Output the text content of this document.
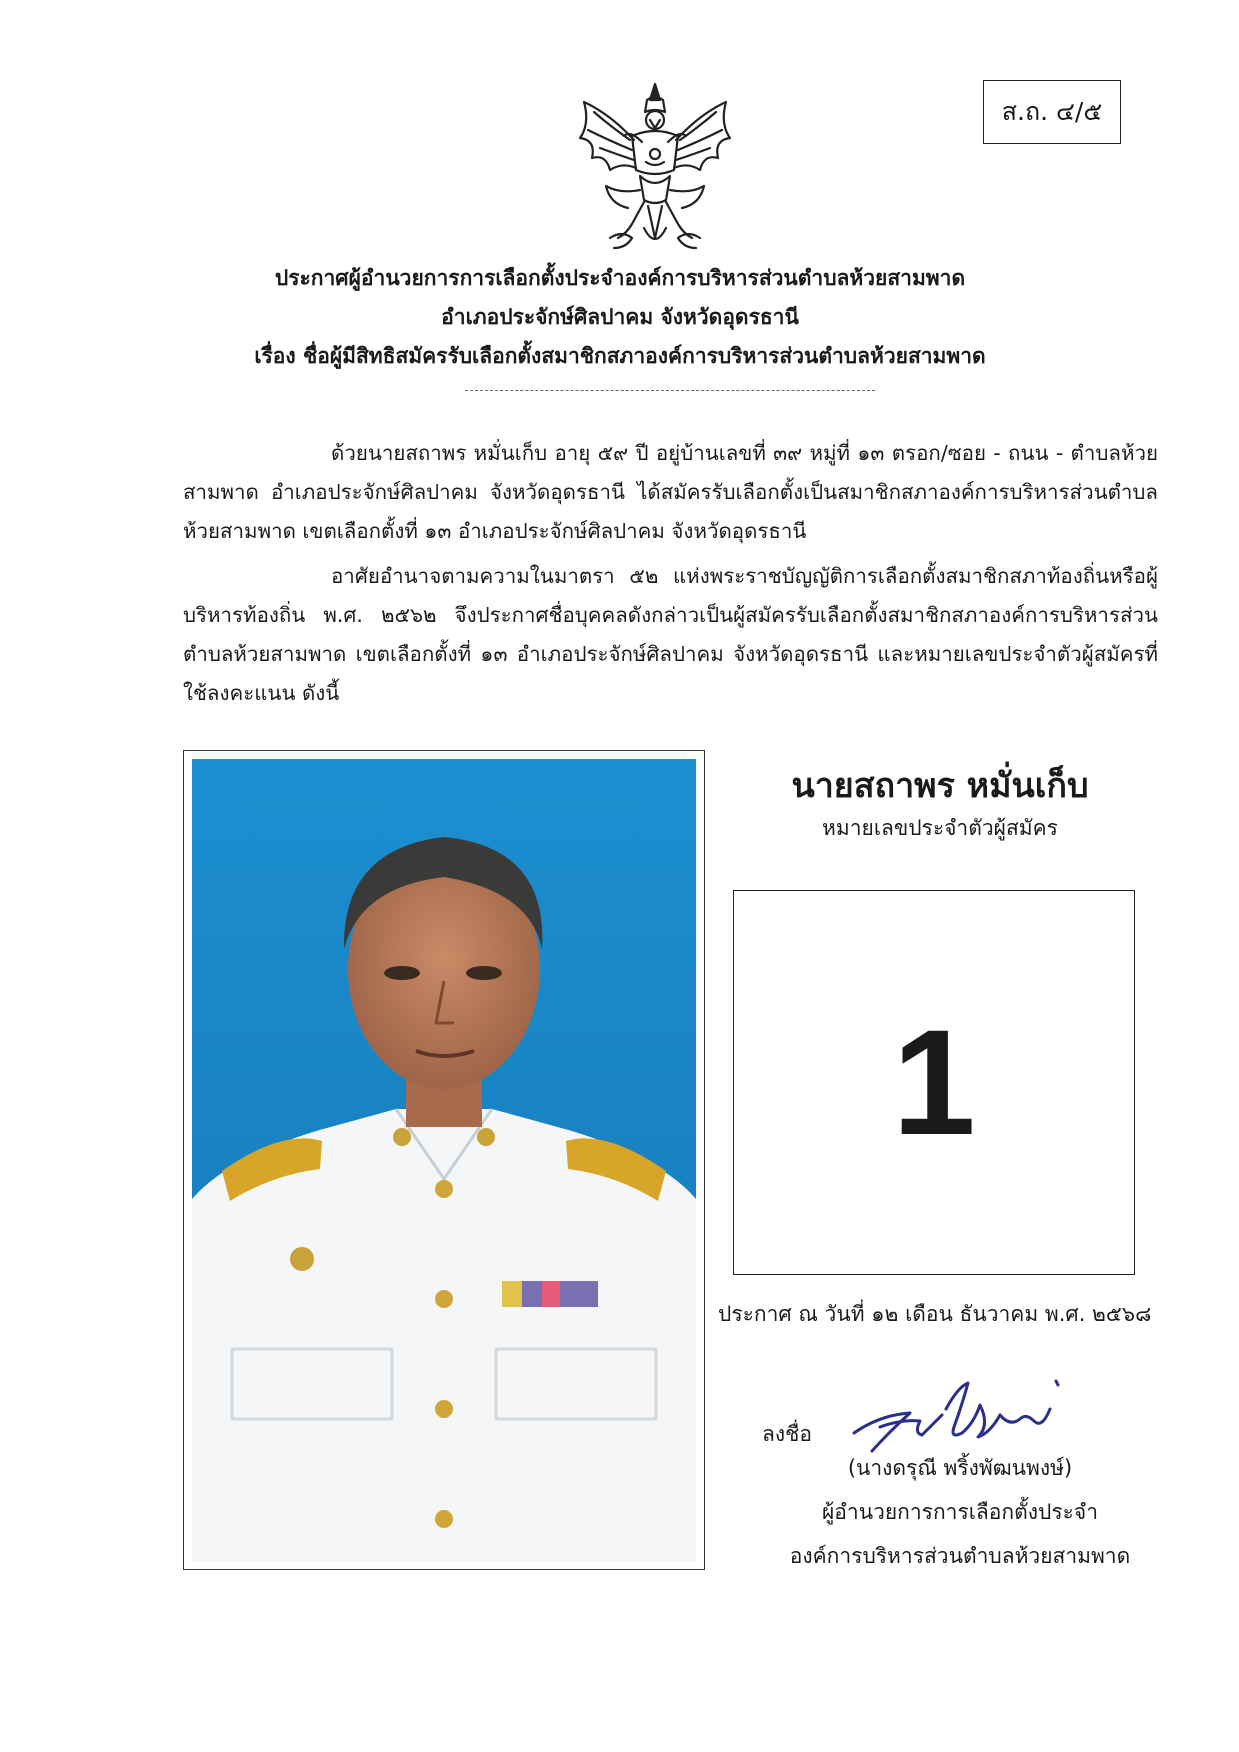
ส.ถ. ๔/๕
ประกาศผู้อำนวยการการเลือกตั้งประจำองค์การบริหารส่วนตำบลห้วยสามพาด
อำเภอประจักษ์ศิลปาคม จังหวัดอุดรธานี
เรื่อง ชื่อผู้มีสิทธิสมัครรับเลือกตั้งสมาชิกสภาองค์การบริหารส่วนตำบลห้วยสามพาด

ด้วยนายสถาพร หมั่นเก็บ อายุ ๕๙ ปี อยู่บ้านเลขที่ ๓๙ หมู่ที่ ๑๓ ตรอก/ซอย - ถนน - ตำบลห้วยสามพาด อำเภอประจักษ์ศิลปาคม จังหวัดอุดรธานี ได้สมัครรับเลือกตั้งเป็นสมาชิกสภาองค์การบริหารส่วนตำบลห้วยสามพาด เขตเลือกตั้งที่ ๑๓ อำเภอประจักษ์ศิลปาคม จังหวัดอุดรธานี

อาศัยอำนาจตามความในมาตรา ๕๒ แห่งพระราชบัญญัติการเลือกตั้งสมาชิกสภาท้องถิ่นหรือผู้บริหารท้องถิ่น พ.ศ. ๒๕๖๒ จึงประกาศชื่อบุคคลดังกล่าวเป็นผู้สมัครรับเลือกตั้งสมาชิกสภาองค์การบริหารส่วนตำบลห้วยสามพาด เขตเลือกตั้งที่ ๑๓ อำเภอประจักษ์ศิลปาคม จังหวัดอุดรธานี และหมายเลขประจำตัวผู้สมัครที่ใช้ลงคะแนน ดังนี้

นายสถาพร หมั่นเก็บ
หมายเลขประจำตัวผู้สมัคร
1
ประกาศ ณ วันที่ ๑๒ เดือน ธันวาคม พ.ศ. ๒๕๖๘
ลงชื่อ
(นางดรุณี พริ้งพัฒนพงษ์)
ผู้อำนวยการการเลือกตั้งประจำ
องค์การบริหารส่วนตำบลห้วยสามพาด
